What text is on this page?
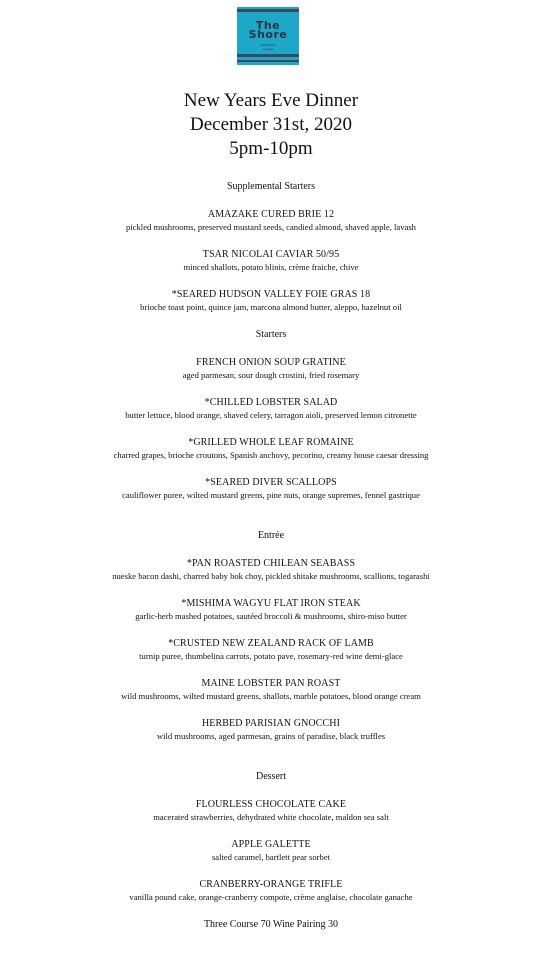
The
Shore
restaurant
lounge
New Years Eve Dinner
December 31st, 2020
5pm-10pm
Supplemental Starters
AMAZAKE CURED BRIE 12
pickled mushrooms, preserved mustard seeds, candied almond, shaved apple, lavash
TSAR NICOLAI CAVIAR 50/95
minced shallots, potato blinis, crème fraiche, chive
*SEARED HUDSON VALLEY FOIE GRAS 18
brioche toast point, quince jam, marcona almond butter, aleppo, hazelnut oil
Starters
FRENCH ONION SOUP GRATINE
aged parmesan, sour dough crostini, fried rosemary
*CHILLED LOBSTER SALAD
butter lettuce, blood orange, shaved celery, tarragon aioli, preserved lemon citronette
*GRILLED WHOLE LEAF ROMAINE
charred grapes, brioche croutons, Spanish anchovy, pecorino, creamy house caesar dressing
*SEARED DIVER SCALLOPS
cauliflower puree, wilted mustard greens, pine nuts, orange supremes, fennel gastrique
Entrée
*PAN ROASTED CHILEAN SEABASS
nueske bacon dashi, charred baby bok choy, pickled shitake mushrooms, scallions, togarashi
*MISHIMA WAGYU FLAT IRON STEAK
garlic-herb mashed potatoes, sautéed broccoli & mushrooms, shiro-miso butter
*CRUSTED NEW ZEALAND RACK OF LAMB
turnip puree, thumbelina carrots, potato pave, rosemary-red wine demi-glace
MAINE LOBSTER PAN ROAST
wild mushrooms, wilted mustard greens, shallots, marble potatoes, blood orange cream
HERBED PARISIAN GNOCCHI
wild mushrooms, aged parmesan, grains of paradise, black truffles
Dessert
FLOURLESS CHOCOLATE CAKE
macerated strawberries, dehydrated white chocolate, maldon sea salt
APPLE GALETTE
salted caramel, bartlett pear sorbet
CRANBERRY-ORANGE TRIFLE
vanilla pound cake, orange-cranberry compote, crème anglaise, chocolate ganache
Three Course 70 Wine Pairing 30
